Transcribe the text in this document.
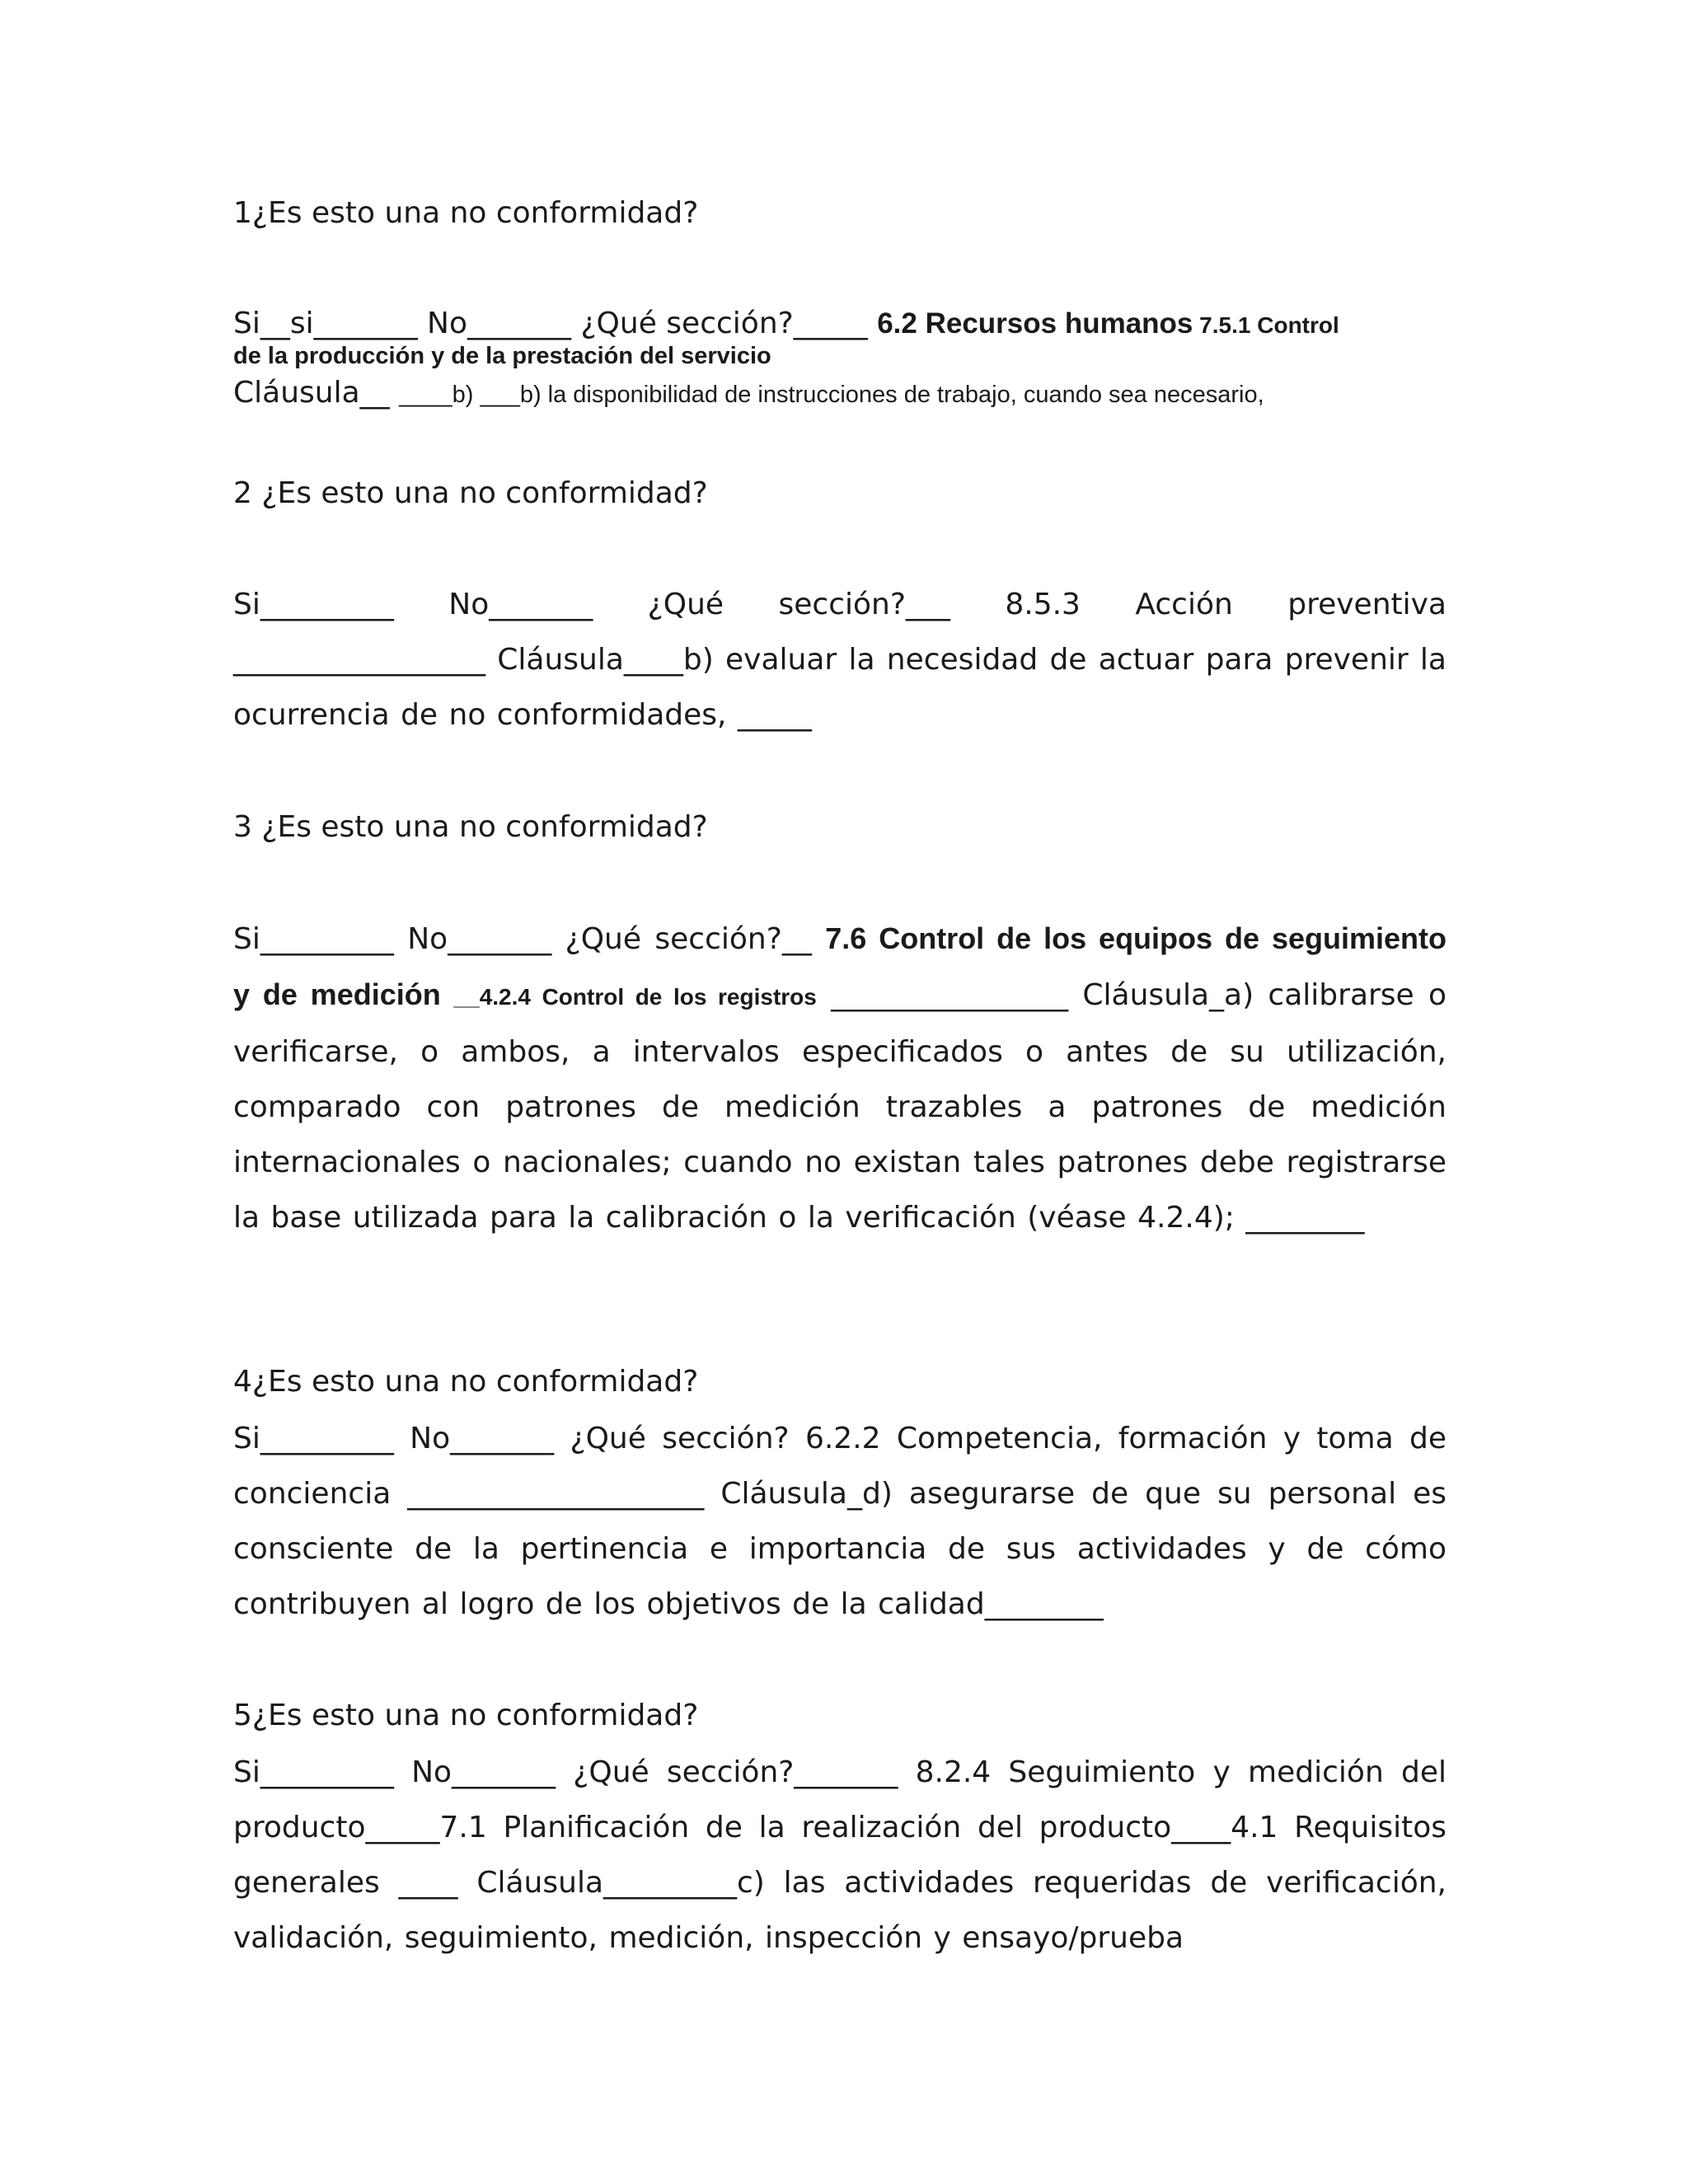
1¿Es esto una no conformidad?
Si__si_______ No_______ ¿Qué sección?_____ 6.2 Recursos humanos 7.5.1 Control
de la producción y de la prestación del servicio
Cláusula__ ____b) ___b) la disponibilidad de instrucciones de trabajo, cuando sea necesario,
2 ¿Es esto una no conformidad?
Si_________ No_______ ¿Qué sección?___ 8.5.3 Acción preventiva _________________ Cláusula____b) evaluar la necesidad de actuar para prevenir la ocurrencia de no conformidades, _____
3 ¿Es esto una no conformidad?
Si_________ No_______ ¿Qué sección?__ 7.6 Control de los equipos de seguimiento y de medición __4.2.4 Control de los registros ________________ Cláusula_a) calibrarse o verificarse, o ambos, a intervalos especificados o antes de su utilización, comparado con patrones de medición trazables a patrones de medición internacionales o nacionales; cuando no existan tales patrones debe registrarse la base utilizada para la calibración o la verificación (véase 4.2.4); ________
4¿Es esto una no conformidad?
Si_________ No_______ ¿Qué sección? 6.2.2 Competencia, formación y toma de conciencia ____________________ Cláusula_d) asegurarse de que su personal es consciente de la pertinencia e importancia de sus actividades y de cómo contribuyen al logro de los objetivos de la calidad________
5¿Es esto una no conformidad?
Si_________ No_______ ¿Qué sección?_______ 8.2.4 Seguimiento y medición del producto_____7.1 Planificación de la realización del producto____4.1 Requisitos generales ____ Cláusula_________c) las actividades requeridas de verificación, validación, seguimiento, medición, inspección y ensayo/prueba
